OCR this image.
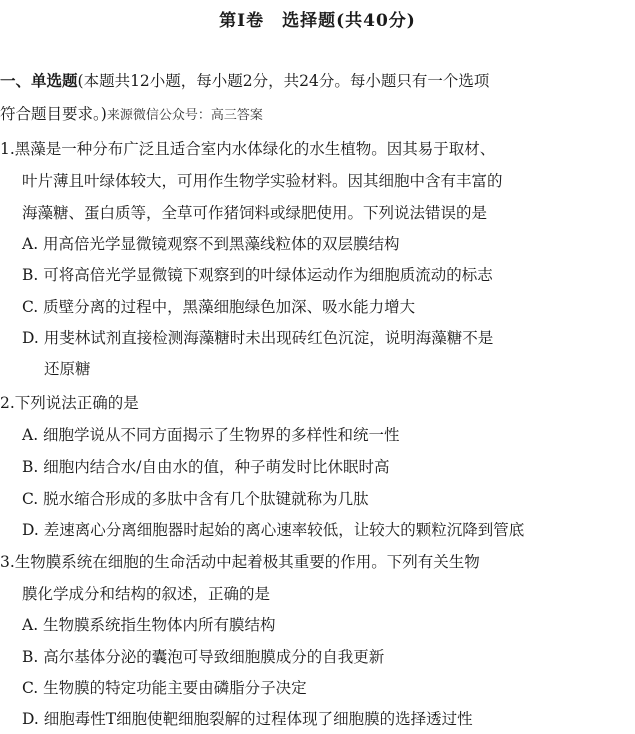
第Ⅰ卷　选择题(共40分)
一、单选题(本题共12小题，每小题2分，共24分。每小题只有一个选项
符合题目要求。)来源微信公众号：高三答案
1.黑藻是一种分布广泛且适合室内水体绿化的水生植物。因其易于取材、
叶片薄且叶绿体较大，可用作生物学实验材料。因其细胞中含有丰富的
海藻糖、蛋白质等，全草可作猪饲料或绿肥使用。下列说法错误的是
A. 用高倍光学显微镜观察不到黑藻线粒体的双层膜结构
B. 可将高倍光学显微镜下观察到的叶绿体运动作为细胞质流动的标志
C. 质壁分离的过程中，黑藻细胞绿色加深、吸水能力增大
D. 用斐林试剂直接检测海藻糖时未出现砖红色沉淀，说明海藻糖不是
还原糖
2.下列说法正确的是
A. 细胞学说从不同方面揭示了生物界的多样性和统一性
B. 细胞内结合水/自由水的值，种子萌发时比休眠时高
C. 脱水缩合形成的多肽中含有几个肽键就称为几肽
D. 差速离心分离细胞器时起始的离心速率较低，让较大的颗粒沉降到管底
3.生物膜系统在细胞的生命活动中起着极其重要的作用。下列有关生物
膜化学成分和结构的叙述，正确的是
A. 生物膜系统指生物体内所有膜结构
B. 高尔基体分泌的囊泡可导致细胞膜成分的自我更新
C. 生物膜的特定功能主要由磷脂分子决定
D. 细胞毒性T细胞使靶细胞裂解的过程体现了细胞膜的选择透过性
